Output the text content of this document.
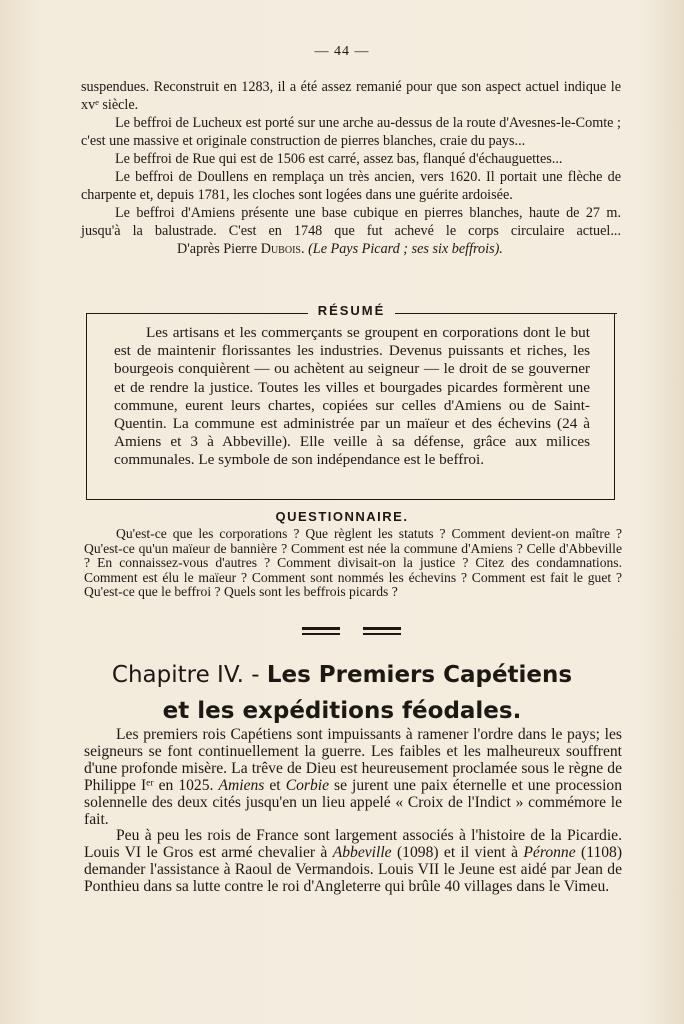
— 44 —

suspendues. Reconstruit en 1283, il a été assez remanié pour que son aspect actuel indique le xvᵉ siècle.

Le beffroi de Lucheux est porté sur une arche au-dessus de la route d'Avesnes-le-Comte ; c'est une massive et originale construction de pierres blanches, craie du pays...

Le beffroi de Rue qui est de 1506 est carré, assez bas, flanqué d'échauguettes...

Le beffroi de Doullens en remplaça un très ancien, vers 1620. Il portait une flèche de charpente et, depuis 1781, les cloches sont logées dans une guérite ardoisée.

Le beffroi d'Amiens présente une base cubique en pierres blanches, haute de 27 m. jusqu'à la balustrade. C'est en 1748 que fut achevé le corps circulaire actuel...D'après Pierre Dubois. (Le Pays Picard ; ses six beffrois).

RÉSUMÉ

Les artisans et les commerçants se groupent en corporations dont le but est de maintenir florissantes les industries. Devenus puissants et riches, les bourgeois conquièrent — ou achètent au seigneur — le droit de se gouverner et de rendre la justice. Toutes les villes et bourgades picardes formèrent une commune, eurent leurs chartes, copiées sur celles d'Amiens ou de Saint-Quentin. La commune est administrée par un maïeur et des échevins (24 à Amiens et 3 à Abbeville). Elle veille à sa défense, grâce aux milices communales. Le symbole de son indépendance est le beffroi.

QUESTIONNAIRE.

Qu'est-ce que les corporations ? Que règlent les statuts ? Comment devient-on maître ? Qu'est-ce qu'un maïeur de bannière ? Comment est née la commune d'Amiens ? Celle d'Abbeville ? En connaissez-vous d'autres ? Comment divisait-on la justice ? Citez des condamnations. Comment est élu le maïeur ? Comment sont nommés les échevins ? Comment est fait le guet ? Qu'est-ce que le beffroi ? Quels sont les beffrois picards ?

Chapitre IV. - Les Premiers Capétiens
et les expéditions féodales.

Les premiers rois Capétiens sont impuissants à ramener l'ordre dans le pays; les seigneurs se font continuellement la guerre. Les faibles et les malheureux souffrent d'une profonde misère. La trêve de Dieu est heureusement proclamée sous le règne de Philippe Iᵉʳ en 1025. Amiens et Corbie se jurent une paix éternelle et une procession solennelle des deux cités jusqu'en un lieu appelé « Croix de l'Indict » commémore le fait.

Peu à peu les rois de France sont largement associés à l'histoire de la Picardie. Louis VI le Gros est armé chevalier à Abbeville (1098) et il vient à Péronne (1108) demander l'assistance à Raoul de Vermandois. Louis VII le Jeune est aidé par Jean de Ponthieu dans sa lutte contre le roi d'Angleterre qui brûle 40 villages dans le Vimeu.
